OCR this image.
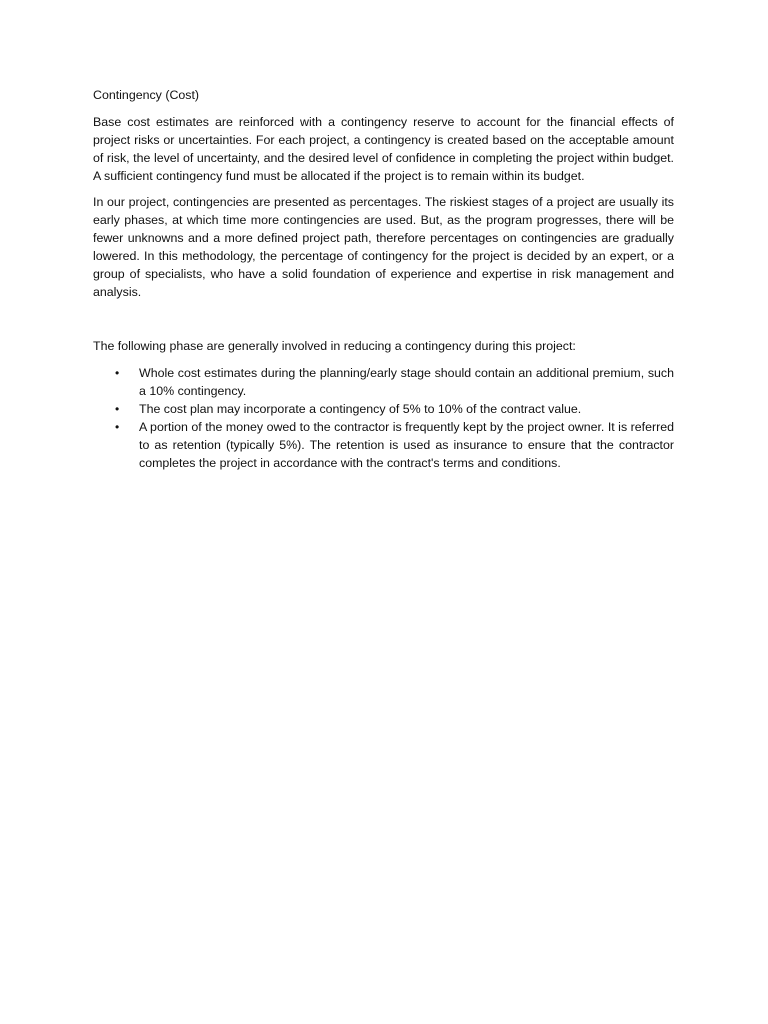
Contingency (Cost)

Base cost estimates are reinforced with a contingency reserve to account for the financial effects of project risks or uncertainties. For each project, a contingency is created based on the acceptable amount of risk, the level of uncertainty, and the desired level of confidence in completing the project within budget. A sufficient contingency fund must be allocated if the project is to remain within its budget.

In our project, contingencies are presented as percentages. The riskiest stages of a project are usually its early phases, at which time more contingencies are used. But, as the program progresses, there will be fewer unknowns and a more defined project path, therefore percentages on contingencies are gradually lowered. In this methodology, the percentage of contingency for the project is decided by an expert, or a group of specialists, who have a solid foundation of experience and expertise in risk management and analysis.

The following phase are generally involved in reducing a contingency during this project:

•	Whole cost estimates during the planning/early stage should contain an additional premium, such a 10% contingency.
•	The cost plan may incorporate a contingency of 5% to 10% of the contract value.
•	A portion of the money owed to the contractor is frequently kept by the project owner. It is referred to as retention (typically 5%). The retention is used as insurance to ensure that the contractor completes the project in accordance with the contract's terms and conditions.
